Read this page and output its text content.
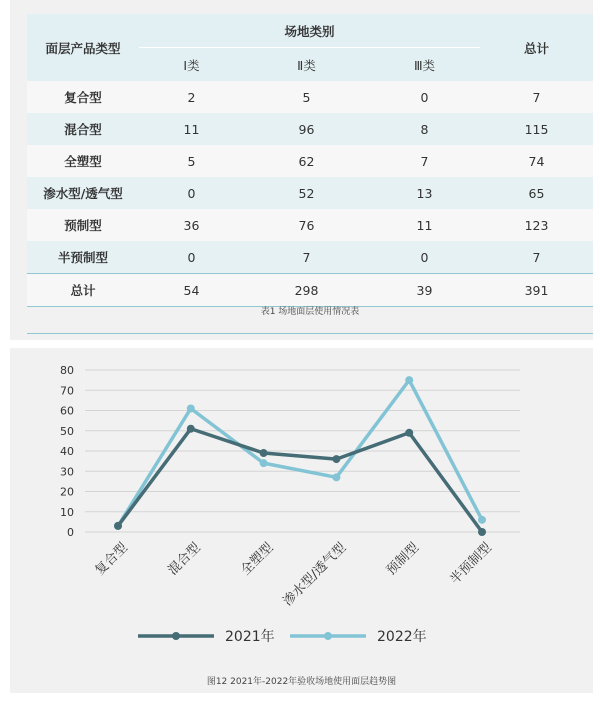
面层产品类型	场地类别			总计
	Ⅰ类	Ⅱ类	Ⅲ类	
复合型	2	5	0	7
混合型	11	96	8	115
全塑型	5	62	7	74
渗水型/透气型	0	52	13	65
预制型	36	76	11	123
半预制型	0	7	0	7
总计	54	298	39	391
表1 场地面层使用情况表
0
10
20
30
40
50
60
70
80
复合型	混合型	全塑型 渗水型/透气型	预制型 半预制型
2021年	2022年
图12 2021年-2022年验收场地使用面层趋势图
